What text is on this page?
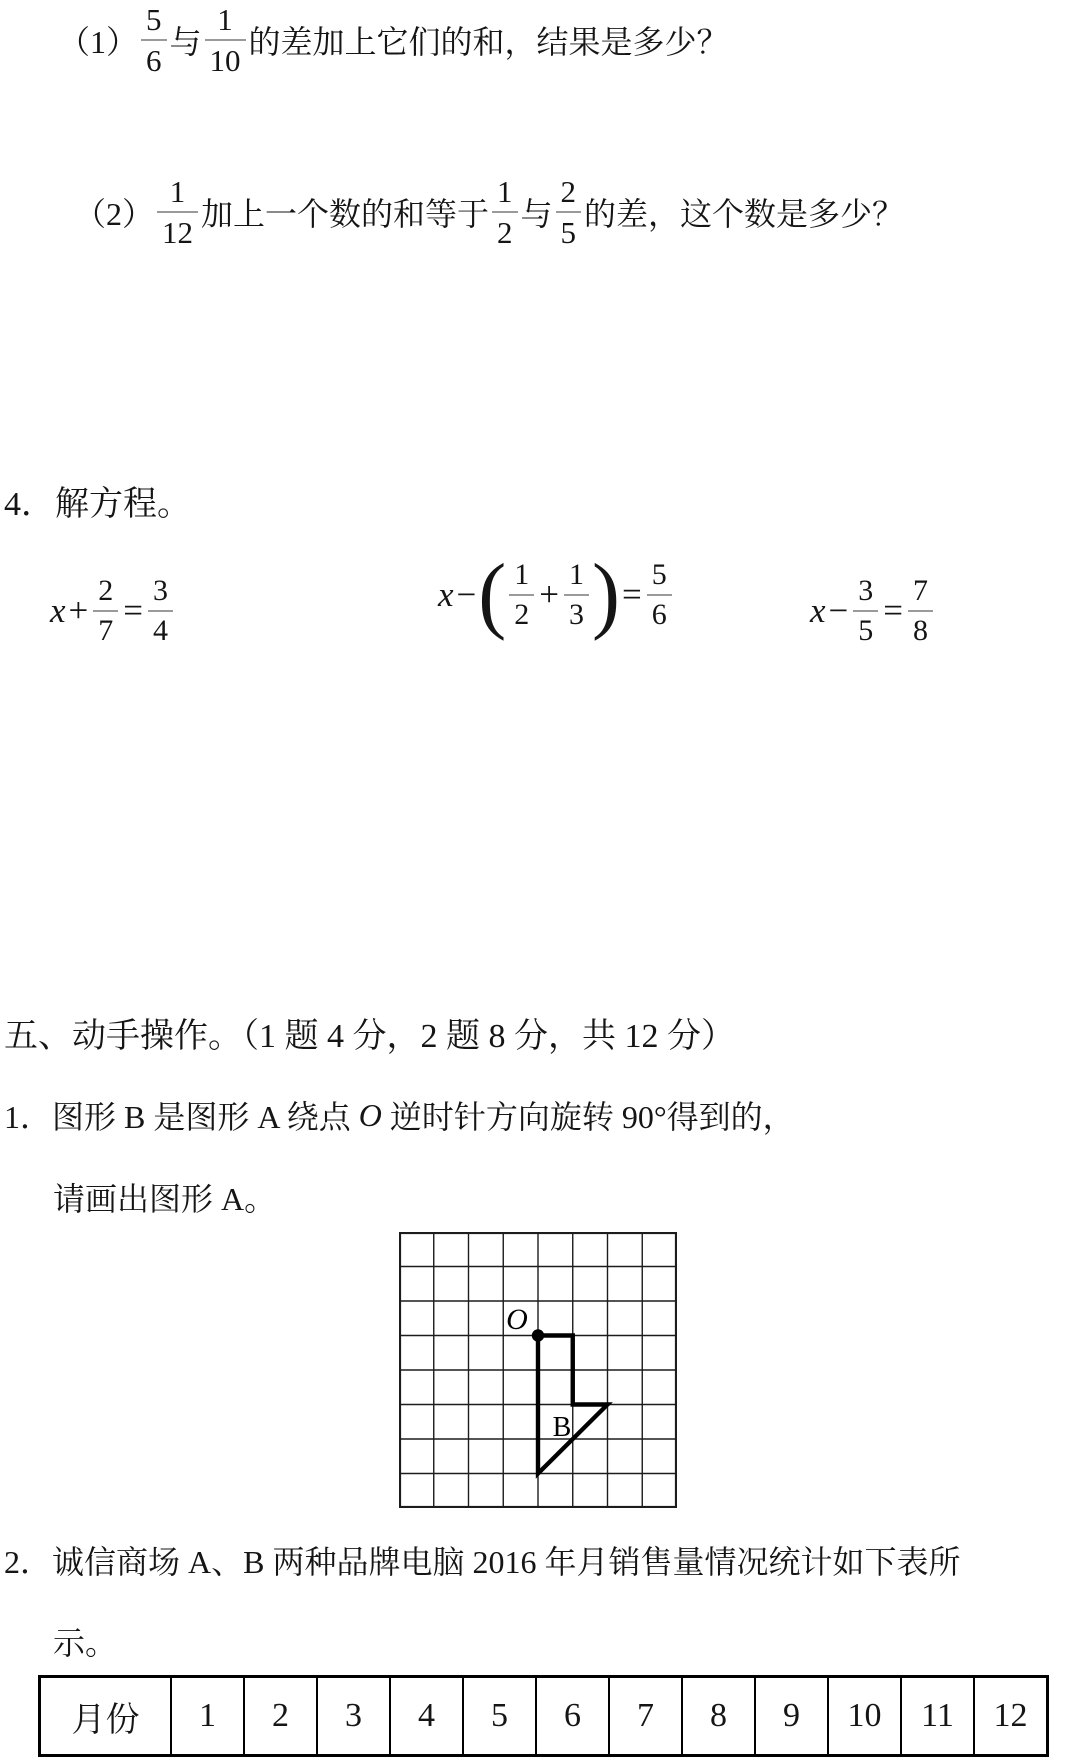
$(1) \frac{5}{6}$ 与 $\frac{1}{10}$ 的差加上它们的和，结果是多少？
$(2) \frac{1}{12}$ 加上一个数的和等于 $\frac{1}{2}$ 与 $\frac{2}{5}$ 的差，这个数是多少？
4．解方程。
$x + \frac{2}{7} = \frac{3}{4}$	x − ( $\frac{1}{2} + \frac{1}{3}$ ) = $\frac{5}{6}$	$x - \frac{3}{5} = \frac{7}{8}$
五、动手操作。（1 题 4 分，2 题 8 分，共 12 分）
1．图形 B 是图形 A 绕点 O 逆时针方向旋转 90°得到的，
请画出图形 A。
O
B
2．诚信商场 A、B 两种品牌电脑 2016 年月销售量情况统计如下表所
示。
月份	1	2	3	4	5	6	7	8	9	10	11	12
